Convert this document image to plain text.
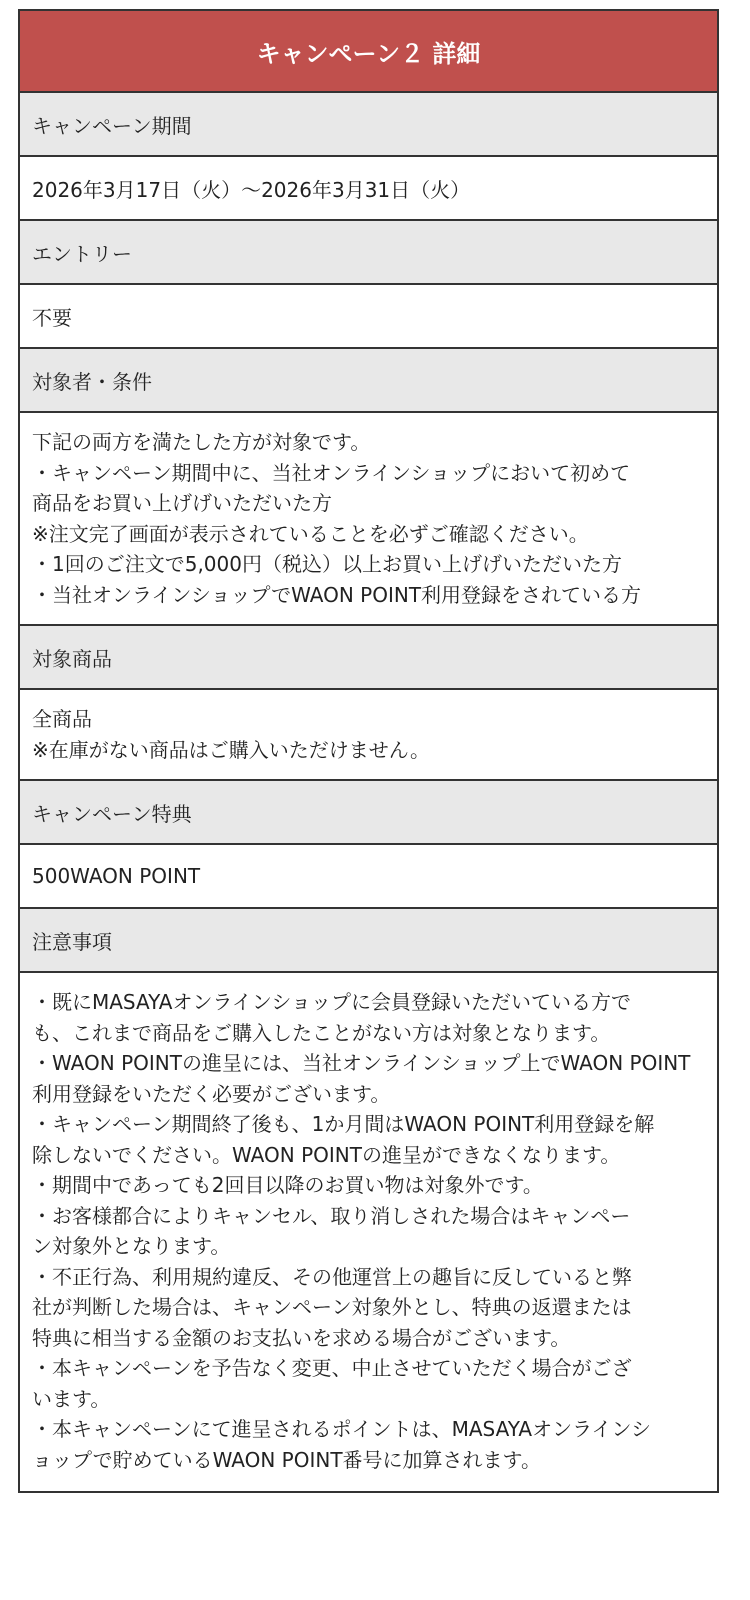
キャンペーン２ 詳細
キャンペーン期間
2026年3月17日（火）〜2026年3月31日（火）
エントリー
不要
対象者・条件
下記の両方を満たした方が対象です。
・キャンペーン期間中に、当社オンラインショップにおいて初めて
商品をお買い上げげいただいた方
※注文完了画面が表示されていることを必ずご確認ください。
・1回のご注文で5,000円（税込）以上お買い上げげいただいた方
・当社オンラインショップでWAON POINT利用登録をされている方
対象商品
全商品
※在庫がない商品はご購入いただけません。
キャンペーン特典
500WAON POINT
注意事項
・既にMASAYAオンラインショップに会員登録いただいている方で
も、これまで商品をご購入したことがない方は対象となります。
・WAON POINTの進呈には、当社オンラインショップ上でWAON POINT
利用登録をいただく必要がございます。
・キャンペーン期間終了後も、1か月間はWAON POINT利用登録を解
除しないでください。WAON POINTの進呈ができなくなります。
・期間中であっても2回目以降のお買い物は対象外です。
・お客様都合によりキャンセル、取り消しされた場合はキャンペー
ン対象外となります。
・不正行為、利用規約違反、その他運営上の趣旨に反していると弊
社が判断した場合は、キャンペーン対象外とし、特典の返還または
特典に相当する金額のお支払いを求める場合がございます。
・本キャンペーンを予告なく変更、中止させていただく場合がござ
います。
・本キャンペーンにて進呈されるポイントは、MASAYAオンラインシ
ョップで貯めているWAON POINT番号に加算されます。
